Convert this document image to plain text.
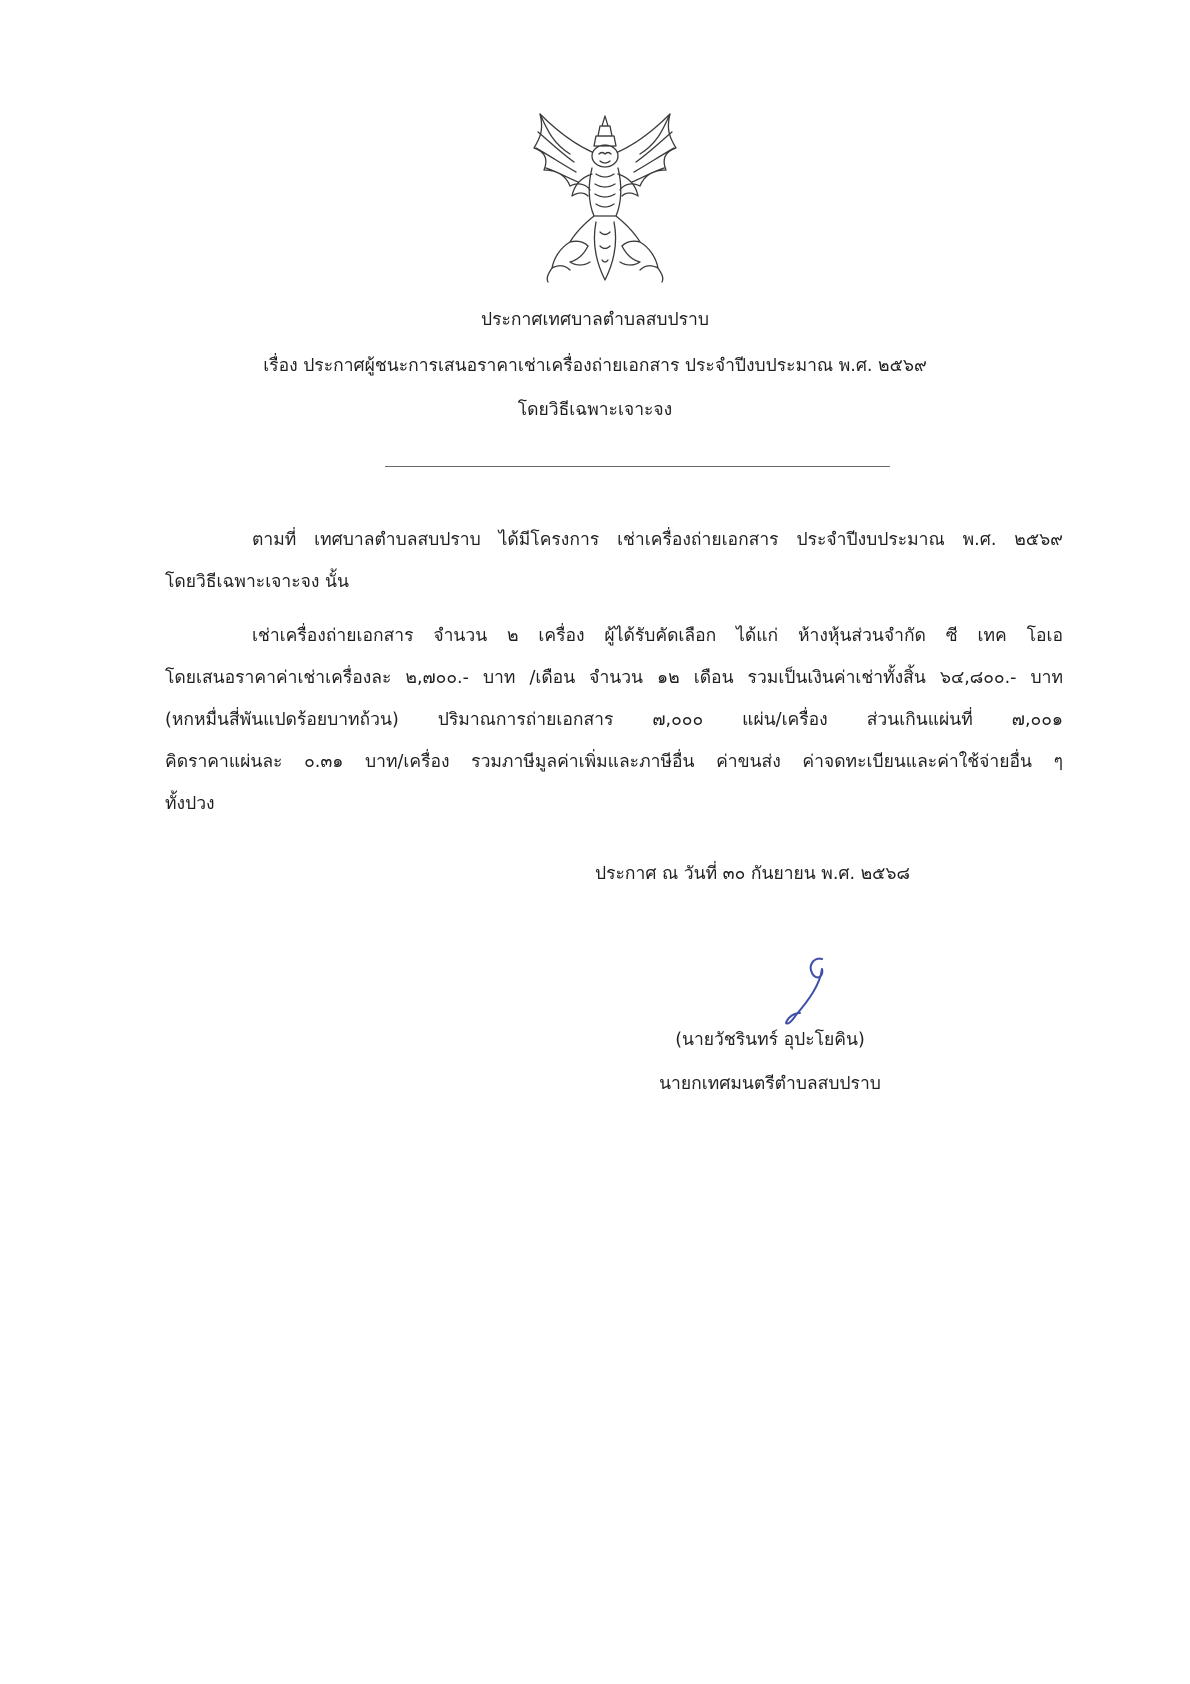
ประกาศเทศบาลตำบลสบปราบ
เรื่อง ประกาศผู้ชนะการเสนอราคาเช่าเครื่องถ่ายเอกสาร ประจำปีงบประมาณ พ.ศ. ๒๕๖๙
โดยวิธีเฉพาะเจาะจง
ตามที่ เทศบาลตำบลสบปราบ ได้มีโครงการ เช่าเครื่องถ่ายเอกสาร ประจำปีงบประมาณ พ.ศ. ๒๕๖๙
โดยวิธีเฉพาะเจาะจง นั้น
เช่าเครื่องถ่ายเอกสาร จำนวน ๒ เครื่อง ผู้ได้รับคัดเลือก ได้แก่ ห้างหุ้นส่วนจำกัด ซี เทค โอเอ
โดยเสนอราคาค่าเช่าเครื่องละ ๒,๗๐๐.- บาท /เดือน จำนวน ๑๒ เดือน รวมเป็นเงินค่าเช่าทั้งสิ้น ๖๔,๘๐๐.- บาท
(หกหมื่นสี่พันแปดร้อยบาทถ้วน) ปริมาณการถ่ายเอกสาร ๗,๐๐๐ แผ่น/เครื่อง ส่วนเกินแผ่นที่ ๗,๐๐๑
คิดราคาแผ่นละ ๐.๓๑ บาท/เครื่อง รวมภาษีมูลค่าเพิ่มและภาษีอื่น ค่าขนส่ง ค่าจดทะเบียนและค่าใช้จ่ายอื่น ๆ
ทั้งปวง
ประกาศ ณ วันที่ ๓๐ กันยายน พ.ศ. ๒๕๖๘
(นายวัชรินทร์ อุปะโยคิน)
นายกเทศมนตรีตำบลสบปราบ
